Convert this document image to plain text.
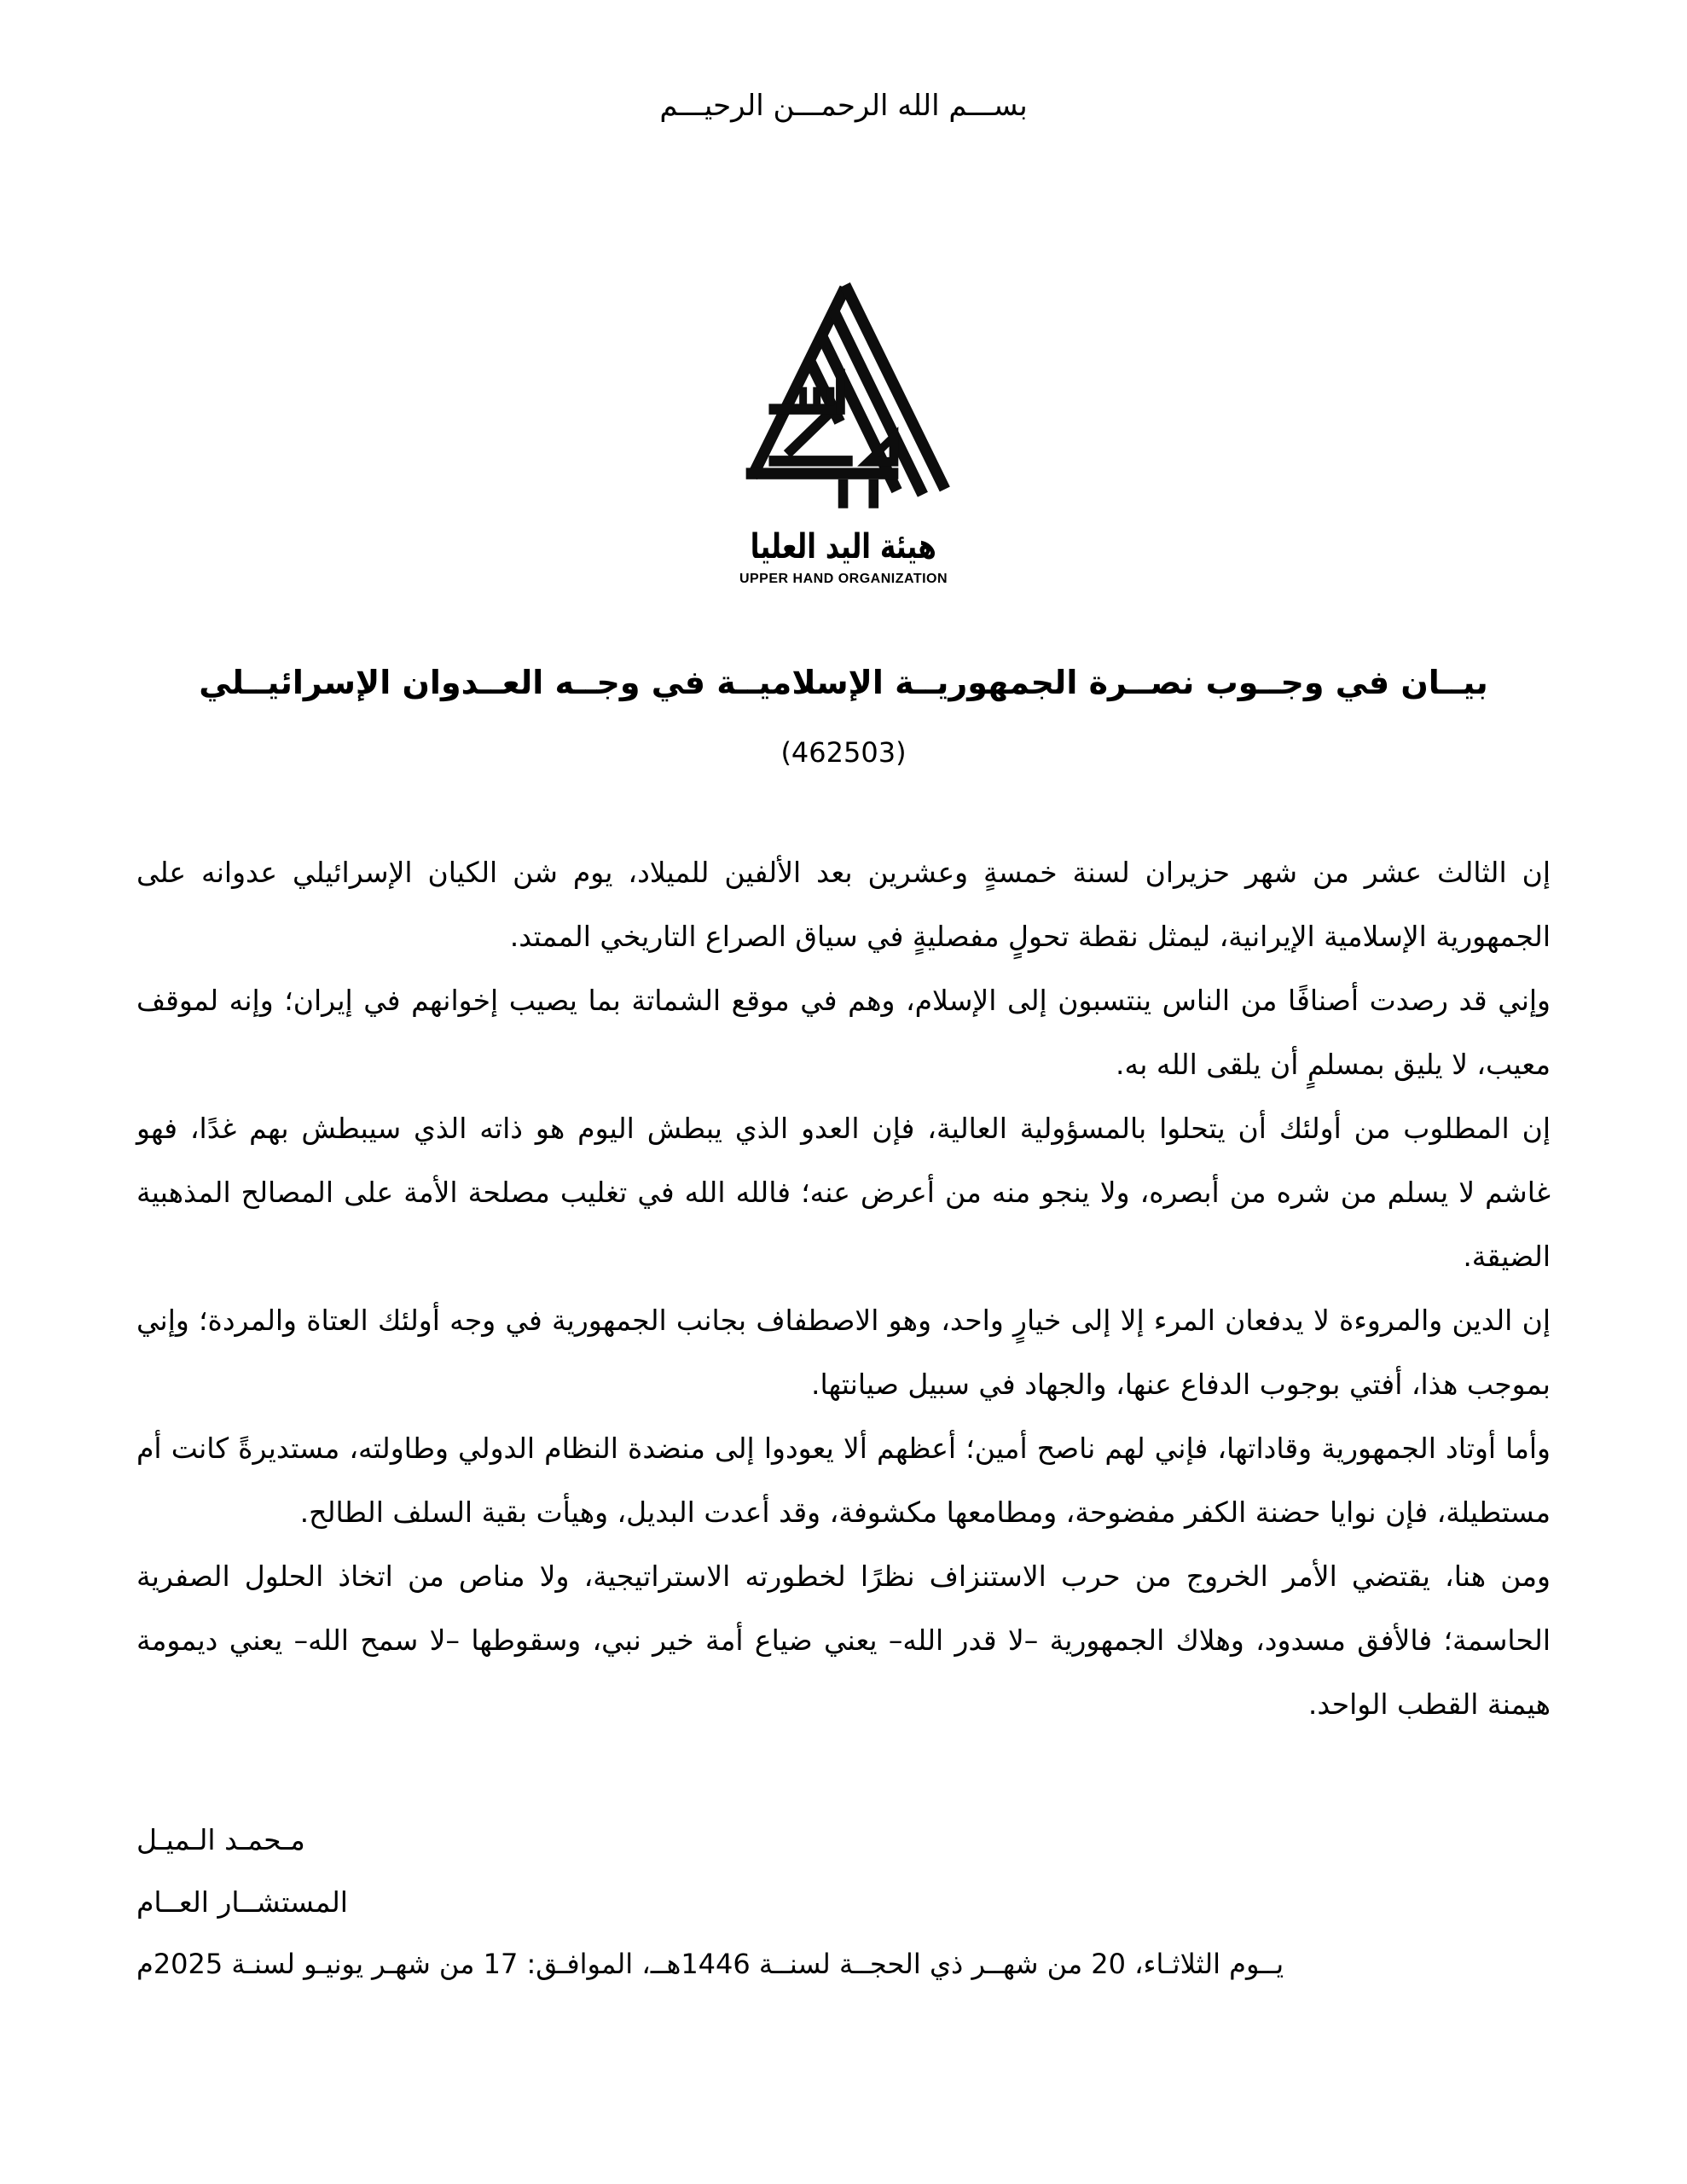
بســـم الله الرحمـــن الرحيـــم
هيئة اليد العليا
UPPER HAND ORGANIZATION
بيــان في وجــوب نصــرة الجمهوريــة الإسلاميــة في وجــه العــدوان الإسرائيــلي
(462503)

إن الثالث عشر من شهر حزيران لسنة خمسةٍ وعشرين بعد الألفين للميلاد، يوم شن الكيان الإسرائيلي عدوانه على الجمهورية الإسلامية الإيرانية، ليمثل نقطة تحولٍ مفصليةٍ في سياق الصراع التاريخي الممتد.

وإني قد رصدت أصنافًا من الناس ينتسبون إلى الإسلام، وهم في موقع الشماتة بما يصيب إخوانهم في إيران؛ وإنه لموقف معيب، لا يليق بمسلمٍ أن يلقى الله به.

إن المطلوب من أولئك أن يتحلوا بالمسؤولية العالية، فإن العدو الذي يبطش اليوم هو ذاته الذي سيبطش بهم غدًا، فهو غاشم لا يسلم من شره من أبصره، ولا ينجو منه من أعرض عنه؛ فالله الله في تغليب مصلحة الأمة على المصالح المذهبية الضيقة.

إن الدين والمروءة لا يدفعان المرء إلا إلى خيارٍ واحد، وهو الاصطفاف بجانب الجمهورية في وجه أولئك العتاة والمردة؛ وإني بموجب هذا، أفتي بوجوب الدفاع عنها، والجهاد في سبيل صيانتها.

وأما أوتاد الجمهورية وقاداتها، فإني لهم ناصح أمين؛ أعظهم ألا يعودوا إلى منضدة النظام الدولي وطاولته، مستديرةً كانت أم مستطيلة، فإن نوايا حضنة الكفر مفضوحة، ومطامعها مكشوفة، وقد أعدت البديل، وهيأت بقية السلف الطالح.

ومن هنا، يقتضي الأمر الخروج من حرب الاستنزاف نظرًا لخطورته الاستراتيجية، ولا مناص من اتخاذ الحلول الصفرية الحاسمة؛ فالأفق مسدود، وهلاك الجمهورية –لا قدر الله– يعني ضياع أمة خير نبي، وسقوطها –لا سمح الله– يعني ديمومة هيمنة القطب الواحد.

مـحمـد الـميـل
المستشــار العــام
يــوم الثلاثـاء، 20 من شهــر ذي الحجــة لسنــة 1446هــ، الموافـق: 17 من شهـر يونيـو لسنـة 2025م
